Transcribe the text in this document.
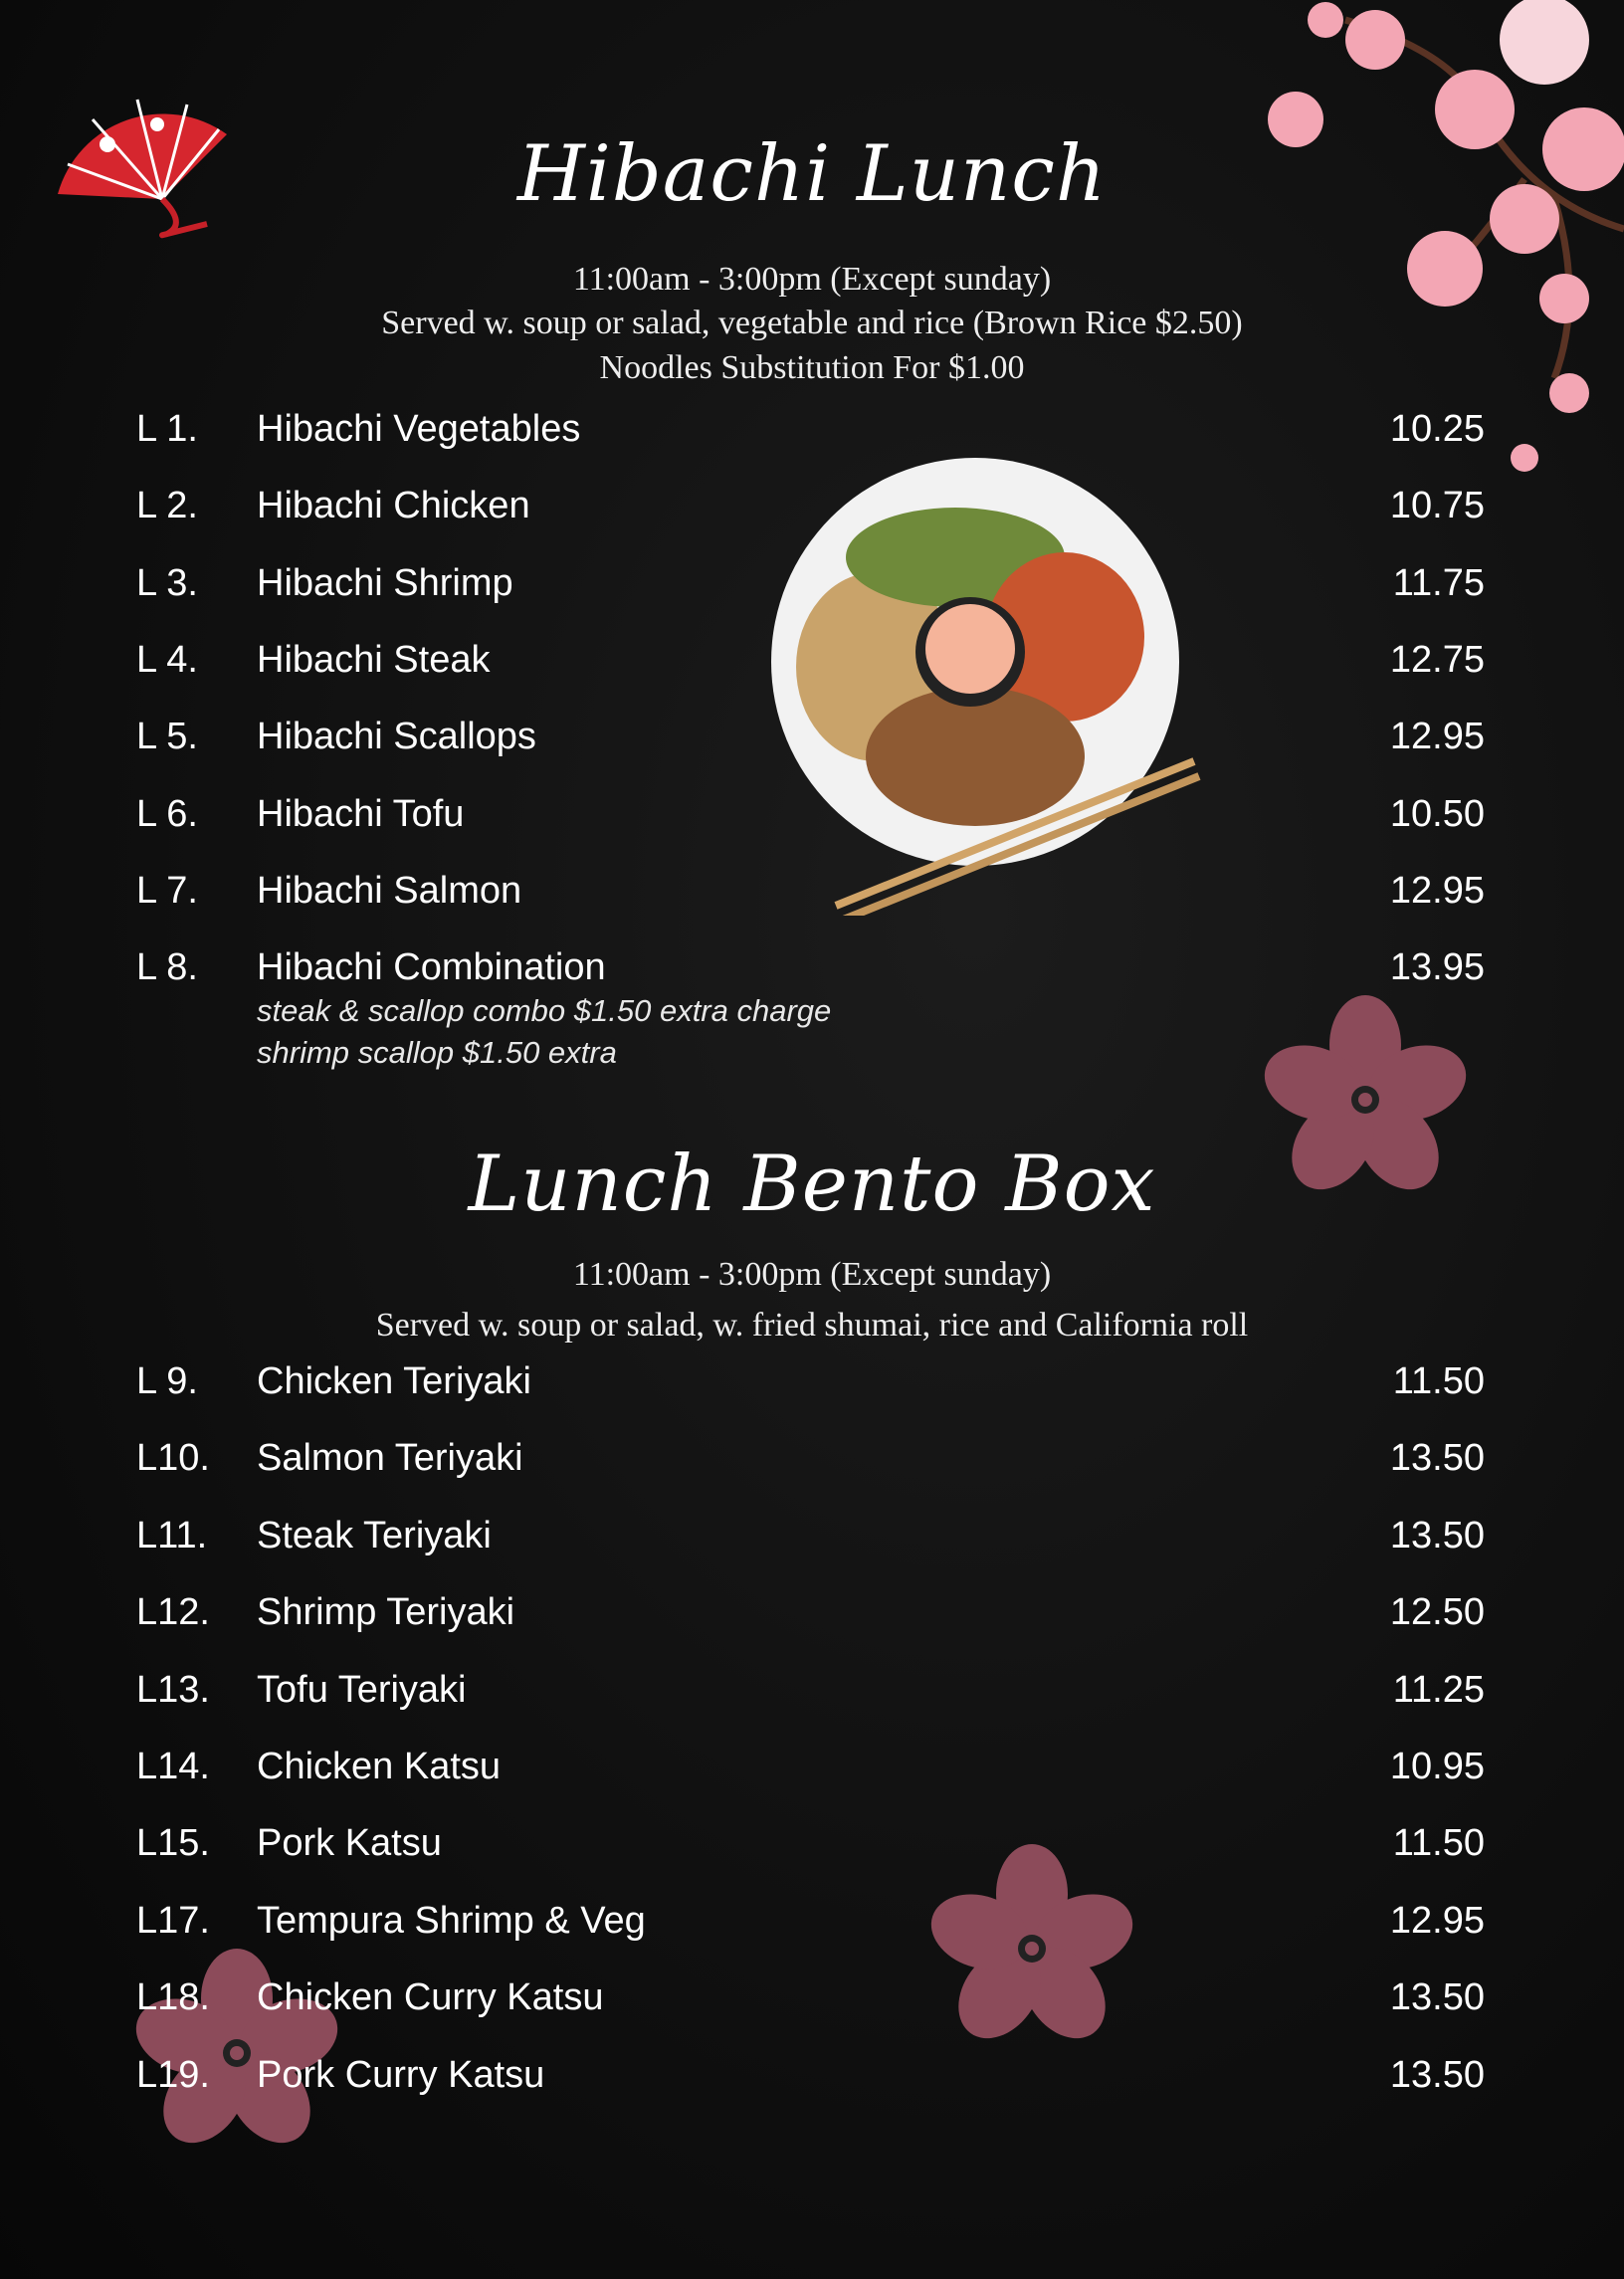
Hibachi Lunch
11:00am - 3:00pm (Except sunday)
Served w. soup or salad, vegetable and rice (Brown Rice $2.50)
Noodles Substitution For $1.00
L 1. Hibachi Vegetables	10.25
L 2. Hibachi Chicken	10.75
L 3. Hibachi Shrimp	11.75
L 4. Hibachi Steak	12.75
L 5. Hibachi Scallops	12.95
L 6. Hibachi Tofu	10.50
L 7. Hibachi Salmon	12.95
L 8. Hibachi Combination	13.95
steak & scallop combo $1.50 extra charge
shrimp scallop $1.50 extra
Lunch Bento Box
11:00am - 3:00pm (Except sunday)
Served w. soup or salad, w. fried shumai, rice and California roll
L 9. Chicken Teriyaki	11.50
L10. Salmon Teriyaki	13.50
L11. Steak Teriyaki	13.50
L12. Shrimp Teriyaki	12.50
L13. Tofu Teriyaki	11.25
L14. Chicken Katsu	10.95
L15. Pork Katsu	11.50
L17. Tempura Shrimp & Veg	12.95
L18. Chicken Curry Katsu	13.50
L19. Pork Curry Katsu	13.50
